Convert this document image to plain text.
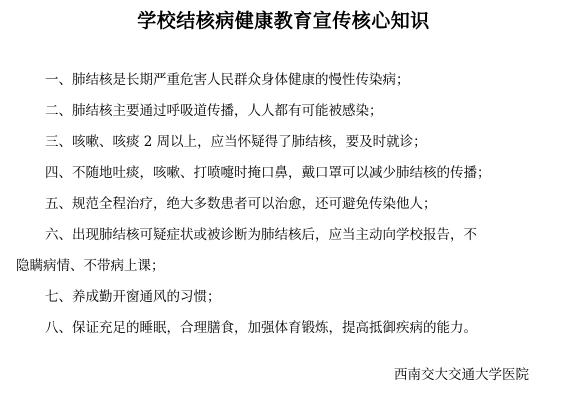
学校结核病健康教育宣传核心知识
一、肺结核是长期严重危害人民群众身体健康的慢性传染病；
二、肺结核主要通过呼吸道传播，人人都有可能被感染；
三、咳嗽、咳痰 2 周以上，应当怀疑得了肺结核，要及时就诊；
四、不随地吐痰，咳嗽、打喷嚏时掩口鼻，戴口罩可以减少肺结核的传播；
五、规范全程治疗，绝大多数患者可以治愈，还可避免传染他人；
六、出现肺结核可疑症状或被诊断为肺结核后，应当主动向学校报告，不
隐瞒病情、不带病上课；
七、养成勤开窗通风的习惯；
八、保证充足的睡眠，合理膳食，加强体育锻炼，提高抵御疾病的能力。
西南交大交通大学医院
